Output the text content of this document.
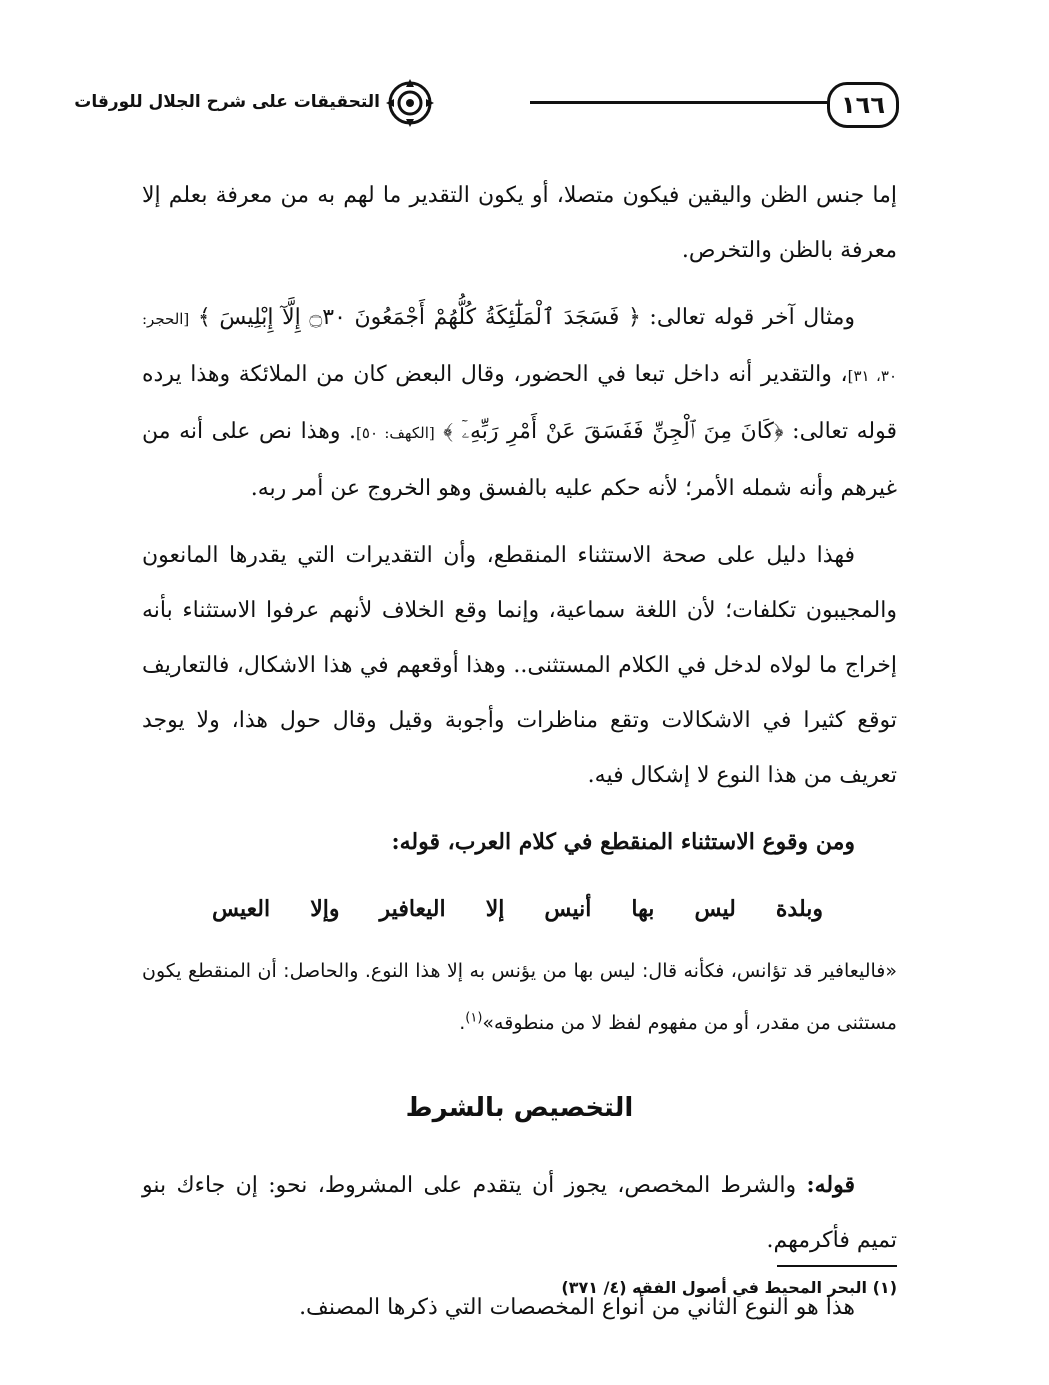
١٦٦
التحقيقات على شرح الجلال للورقات

إما جنس الظن واليقين فيكون متصلا، أو يكون التقدير ما لهم به من معرفة بعلم إلا معرفة بالظن والتخرص.

ومثال آخر قوله تعالى: ﴿ فَسَجَدَ ٱلْمَلَٰٓئِكَةُ كُلُّهُمْ أَجْمَعُونَ ۝٣٠ إِلَّآ إِبْلِيسَ ﴾ [الحجر: ٣٠، ٣١]، والتقدير أنه داخل تبعا في الحضور، وقال البعض كان من الملائكة وهذا يرده قوله تعالى: ﴿كَانَ مِنَ ٱلْجِنِّ فَفَسَقَ عَنْ أَمْرِ رَبِّهِۦٓ ﴾ [الكهف: ٥٠]. وهذا نص على أنه من غيرهم وأنه شمله الأمر؛ لأنه حكم عليه بالفسق وهو الخروج عن أمر ربه.

فهذا دليل على صحة الاستثناء المنقطع، وأن التقديرات التي يقدرها المانعون والمجيبون تكلفات؛ لأن اللغة سماعية، وإنما وقع الخلاف لأنهم عرفوا الاستثناء بأنه إخراج ما لولاه لدخل في الكلام المستثنى.. وهذا أوقعهم في هذا الاشكال، فالتعاريف توقع كثيرا في الاشكالات وتقع مناظرات وأجوبة وقيل وقال حول هذا، ولا يوجد تعريف من هذا النوع لا إشكال فيه.

ومن وقوع الاستثناء المنقطع في كلام العرب، قوله:

وبلدة
ليس
بها
أنيس
إلا
اليعافير
وإلا
العيس

«فاليعافير قد تؤانس، فكأنه قال: ليس بها من يؤنس به إلا هذا النوع. والحاصل: أن المنقطع يكون مستثنى من مقدر، أو من مفهوم لفظ لا من منطوقه»$^{(١)}$.

التخصيص بالشرط

قوله: والشرط المخصص، يجوز أن يتقدم على المشروط، نحو: إن جاءك بنو تميم فأكرمهم.

هذا هو النوع الثاني من أنواع المخصصات التي ذكرها المصنف.

(١) البحر المحيط في أصول الفقه (٤/ ٣٧١)
